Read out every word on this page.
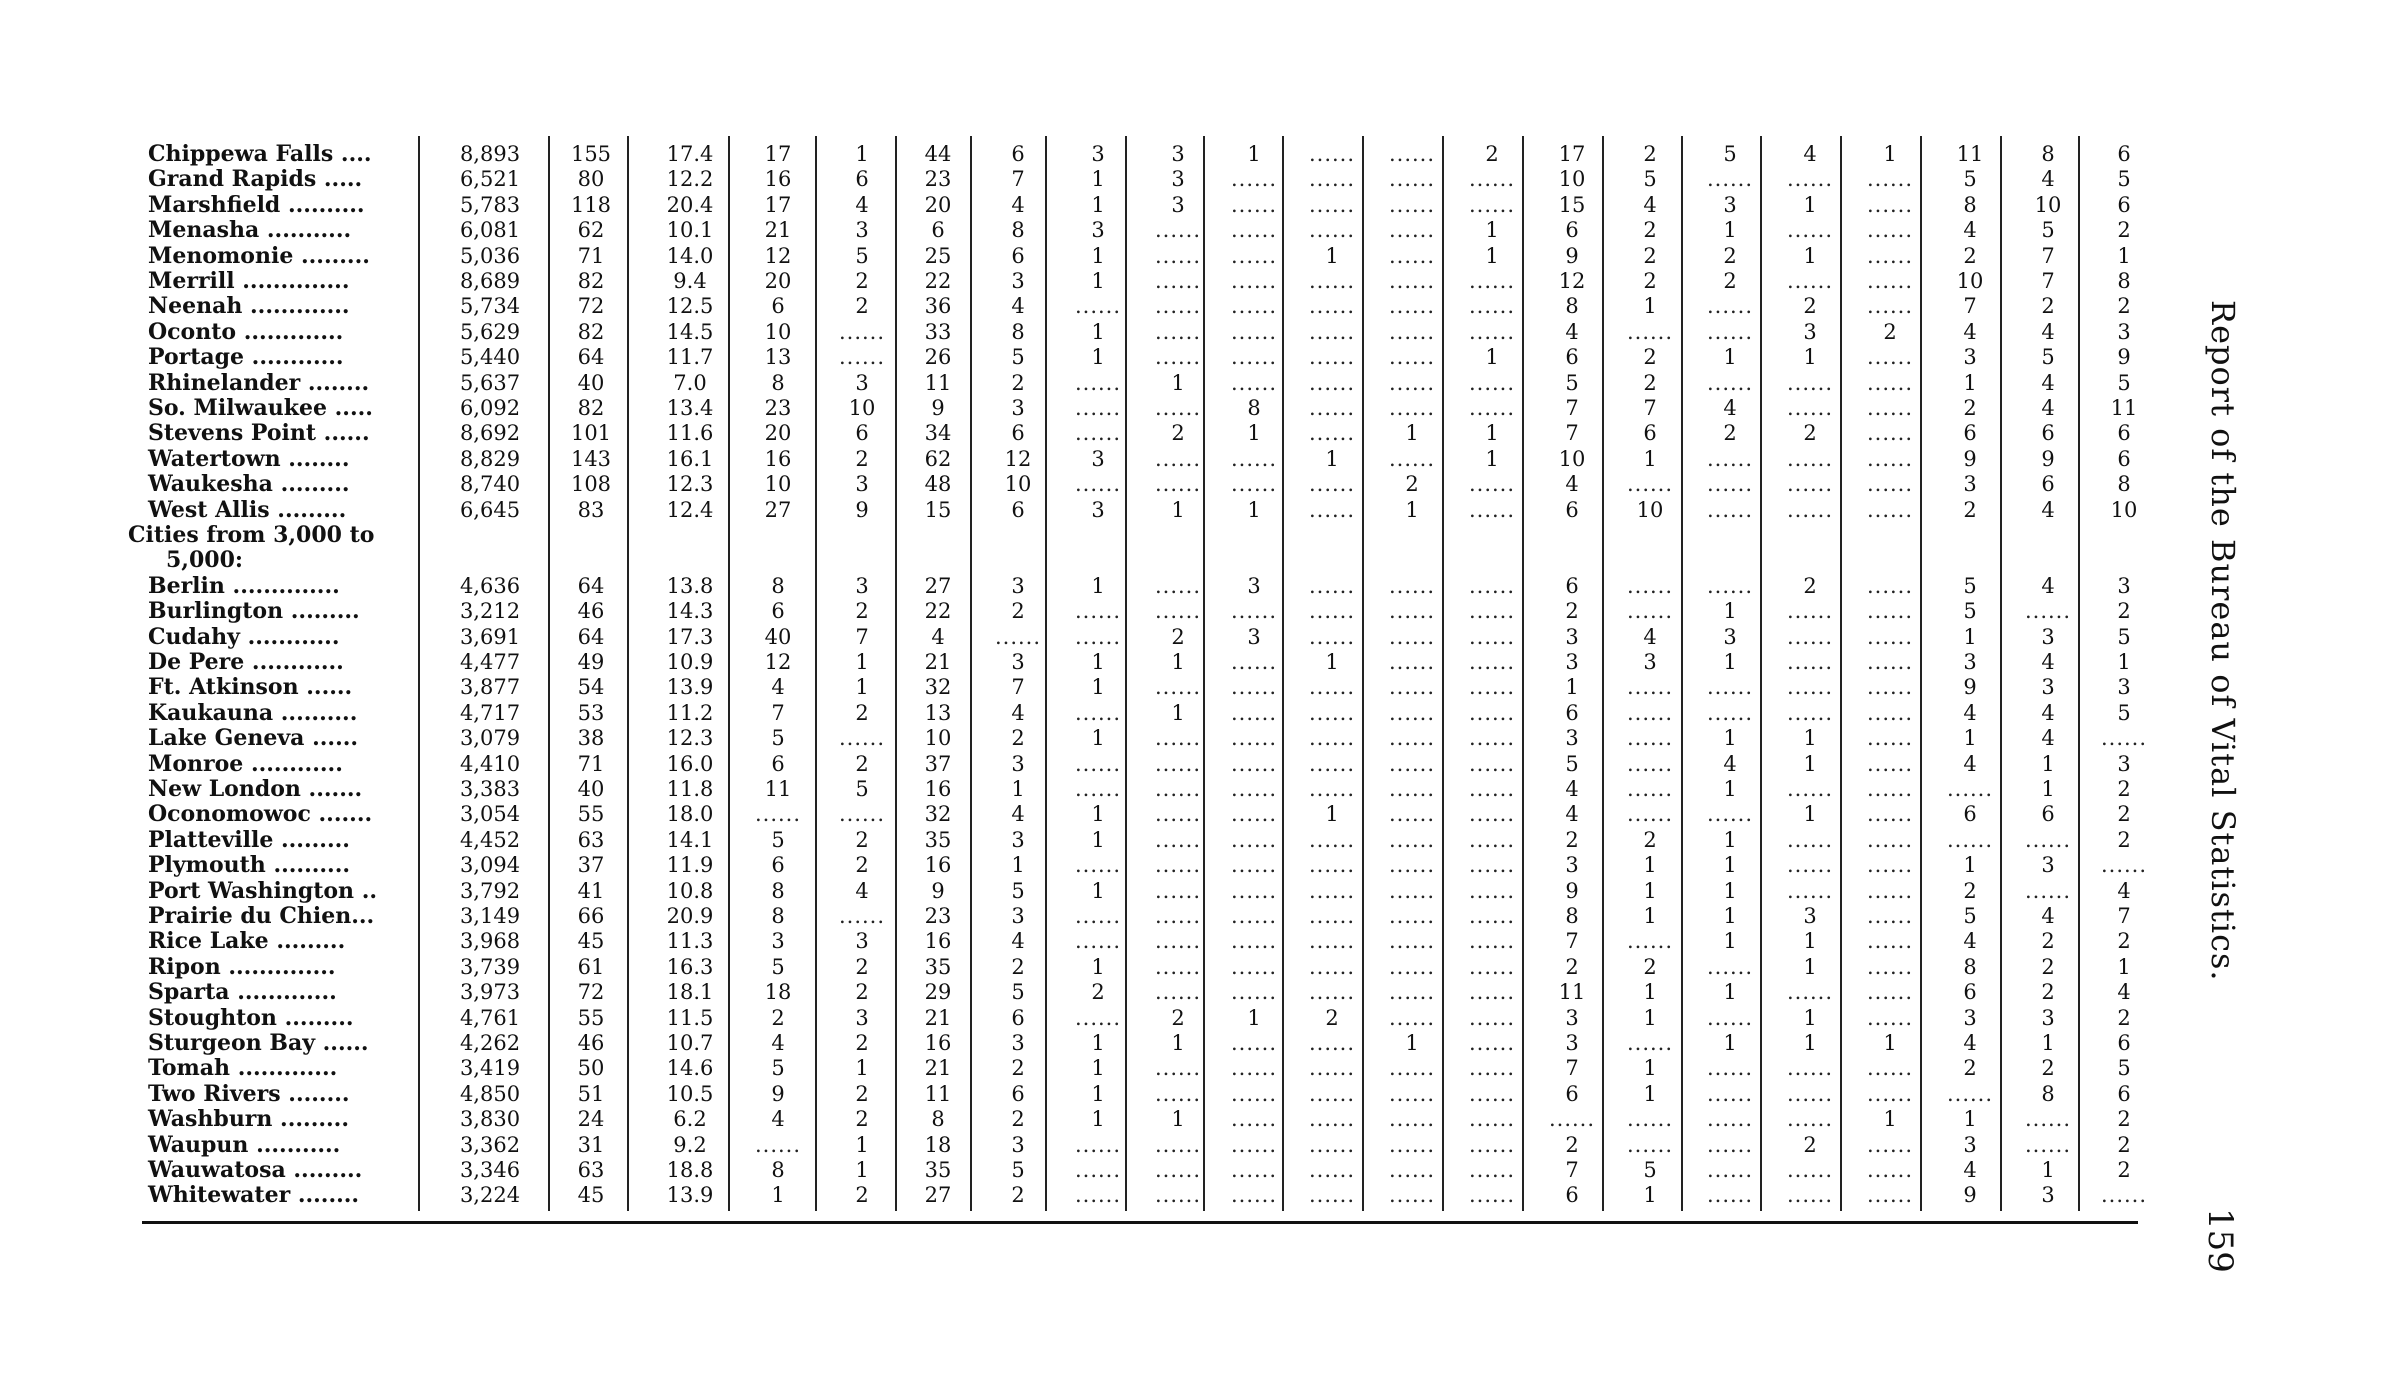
Chippewa Falls ....	8,893	155	17.4	17	1	44	6	3	3	1	......	......	2	17	2	5	4	1	11	8	6
Grand Rapids .....	6,521	80	12.2	16	6	23	7	1	3	......	......	......	......	10	5	......	......	......	5	4	5
Marshfield ..........	5,783	118	20.4	17	4	20	4	1	3	......	......	......	......	15	4	3	1	......	8	10	6
Menasha ...........	6,081	62	10.1	21	3	6	8	3	......	......	......	......	1	6	2	1	......	......	4	5	2
Menomonie .........	5,036	71	14.0	12	5	25	6	1	......	......	1	......	1	9	2	2	1	......	2	7	1
Merrill ..............	8,689	82	9.4	20	2	22	3	1	......	......	......	......	......	12	2	2	......	......	10	7	8
Neenah .............	5,734	72	12.5	6	2	36	4	......	......	......	......	......	......	8	1	......	2	......	7	2	2
Oconto .............	5,629	82	14.5	10	......	33	8	1	......	......	......	......	......	4	......	......	3	2	4	4	3
Portage ............	5,440	64	11.7	13	......	26	5	1	......	......	......	......	1	6	2	1	1	......	3	5	9
Rhinelander ........	5,637	40	7.0	8	3	11	2	......	1	......	......	......	......	5	2	......	......	......	1	4	5
So. Milwaukee .....	6,092	82	13.4	23	10	9	3	......	......	8	......	......	......	7	7	4	......	......	2	4	11
Stevens Point ......	8,692	101	11.6	20	6	34	6	......	2	1	......	1	1	7	6	2	2	......	6	6	6
Watertown ........	8,829	143	16.1	16	2	62	12	3	......	......	1	......	1	10	1	......	......	......	9	9	6
Waukesha .........	8,740	108	12.3	10	3	48	10	......	......	......	......	2	......	4	......	......	......	......	3	6	8
West Allis .........	6,645	83	12.4	27	9	15	6	3	1	1	......	1	......	6	10	......	......	......	2	4	10
Berlin ..............	4,636	64	13.8	8	3	27	3	1	......	3	......	......	......	6	......	......	2	......	5	4	3
Burlington .........	3,212	46	14.3	6	2	22	2	......	......	......	......	......	......	2	......	1	......	......	5	......	2
Cudahy ............	3,691	64	17.3	40	7	4	......	......	2	3	......	......	......	3	4	3	......	......	1	3	5
De Pere ............	4,477	49	10.9	12	1	21	3	1	1	......	1	......	......	3	3	1	......	......	3	4	1
Ft. Atkinson ......	3,877	54	13.9	4	1	32	7	1	......	......	......	......	......	1	......	......	......	......	9	3	3
Kaukauna ..........	4,717	53	11.2	7	2	13	4	......	1	......	......	......	......	6	......	......	......	......	4	4	5
Lake Geneva ......	3,079	38	12.3	5	......	10	2	1	......	......	......	......	......	3	......	1	1	......	1	4	......
Monroe ............	4,410	71	16.0	6	2	37	3	......	......	......	......	......	......	5	......	4	1	......	4	1	3
New London .......	3,383	40	11.8	11	5	16	1	......	......	......	......	......	......	4	......	1	......	......	......	1	2
Oconomowoc .......	3,054	55	18.0	......	......	32	4	1	......	......	1	......	......	4	......	......	1	......	6	6	2
Platteville .........	4,452	63	14.1	5	2	35	3	1	......	......	......	......	......	2	2	1	......	......	......	......	2
Plymouth ..........	3,094	37	11.9	6	2	16	1	......	......	......	......	......	......	3	1	1	......	......	1	3	......
Port Washington ..	3,792	41	10.8	8	4	9	5	1	......	......	......	......	......	9	1	1	......	......	2	......	4
Prairie du Chien...	3,149	66	20.9	8	......	23	3	......	......	......	......	......	......	8	1	1	3	......	5	4	7
Rice Lake .........	3,968	45	11.3	3	3	16	4	......	......	......	......	......	......	7	......	1	1	......	4	2	2
Ripon ..............	3,739	61	16.3	5	2	35	2	1	......	......	......	......	......	2	2	......	1	......	8	2	1
Sparta .............	3,973	72	18.1	18	2	29	5	2	......	......	......	......	......	11	1	1	......	......	6	2	4
Stoughton .........	4,761	55	11.5	2	3	21	6	......	2	1	2	......	......	3	1	......	1	......	3	3	2
Sturgeon Bay ......	4,262	46	10.7	4	2	16	3	1	1	......	......	1	......	3	......	1	1	1	4	1	6
Tomah .............	3,419	50	14.6	5	1	21	2	1	......	......	......	......	......	7	1	......	......	......	2	2	5
Two Rivers ........	4,850	51	10.5	9	2	11	6	1	......	......	......	......	......	6	1	......	......	......	......	8	6
Washburn .........	3,830	24	6.2	4	2	8	2	1	1	......	......	......	......	......	......	......	......	1	1	......	2
Waupun ...........	3,362	31	9.2	......	1	18	3	......	......	......	......	......	......	2	......	......	2	......	3	......	2
Wauwatosa .........	3,346	63	18.8	8	1	35	5	......	......	......	......	......	......	7	5	......	......	......	4	1	2
Whitewater ........	3,224	45	13.9	1	2	27	2	......	......	......	......	......	......	6	1	......	......	......	9	3	......
Cities from 3,000 to
5,000:	Report of the Bureau of Vital Statistics.
159
